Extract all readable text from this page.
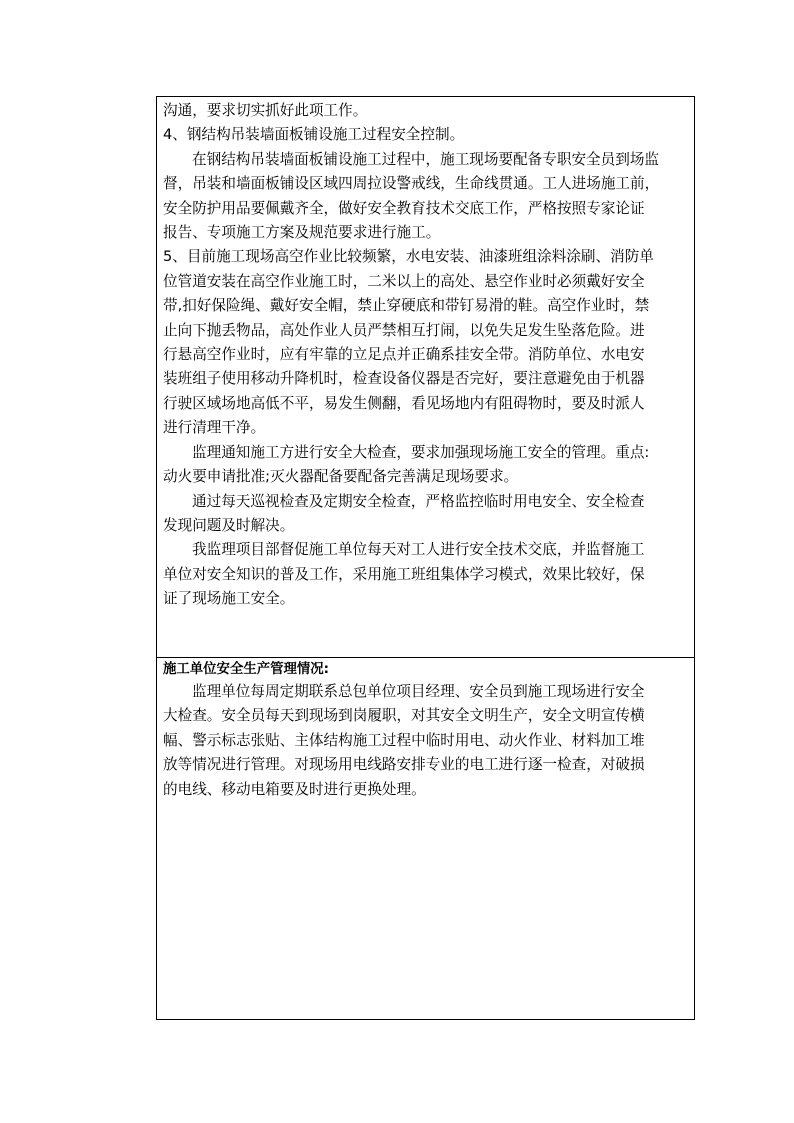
沟通，要求切实抓好此项工作。

4、钢结构吊装墙面板铺设施工过程安全控制。

在钢结构吊装墙面板铺设施工过程中，施工现场要配备专职安全员到场监

督，吊装和墙面板铺设区域四周拉设警戒线，生命线贯通。工人进场施工前，

安全防护用品要佩戴齐全，做好安全教育技术交底工作，严格按照专家论证

报告、专项施工方案及规范要求进行施工。

5、目前施工现场高空作业比较频繁，水电安装、油漆班组涂料涂刷、消防单

位管道安装在高空作业施工时，二米以上的高处、悬空作业时必须戴好安全

带,扣好保险绳、戴好安全帽，禁止穿硬底和带钉易滑的鞋。高空作业时，禁

止向下抛丢物品，高处作业人员严禁相互打闹，以免失足发生坠落危险。进

行悬高空作业时，应有牢靠的立足点并正确系挂安全带。消防单位、水电安

装班组子使用移动升降机时，检查设备仪器是否完好，要注意避免由于机器

行驶区域场地高低不平，易发生侧翻，看见场地内有阻碍物时，要及时派人

进行清理干净。

监理通知施工方进行安全大检查，要求加强现场施工安全的管理。重点:

动火要申请批准;灭火器配备要配备完善满足现场要求。

通过每天巡视检查及定期安全检查，严格监控临时用电安全、安全检查

发现问题及时解决。

我监理项目部督促施工单位每天对工人进行安全技术交底，并监督施工

单位对安全知识的普及工作，采用施工班组集体学习模式，效果比较好，保

证了现场施工安全。

施工单位安全生产管理情况:

监理单位每周定期联系总包单位项目经理、安全员到施工现场进行安全

大检查。安全员每天到现场到岗履职，对其安全文明生产，安全文明宣传横

幅、警示标志张贴、主体结构施工过程中临时用电、动火作业、材料加工堆

放等情况进行管理。对现场用电线路安排专业的电工进行逐一检查，对破损

的电线、移动电箱要及时进行更换处理。
